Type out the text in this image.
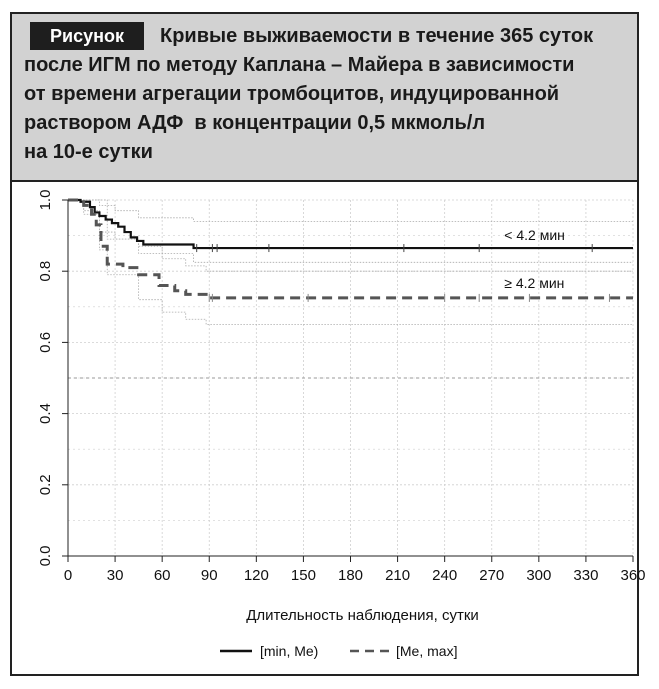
Рисунок	Кривые выживаемости в течение 365 суток
после ИГМ по методу Каплана – Майера в зависимости
от времени агрегации тромбоцитов, индуцированной
раствором АДФ  в концентрации 0,5 мкмоль/л
на 10-е сутки

0 30 60 90 120 150 180 210 240 270 300 330 360
0.0
0.2
0.4
0.6
0.8
1.0
< 4.2 мин
≥ 4.2 мин
Длительность наблюдения, сутки
[min, Me)	[Me, max]
